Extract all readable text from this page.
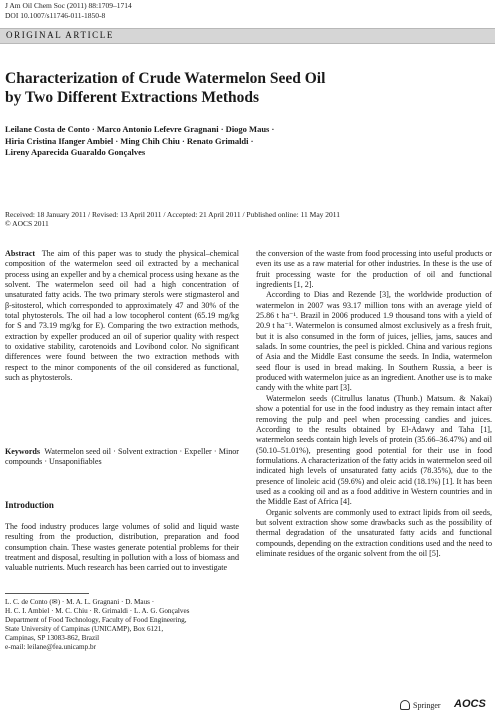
J Am Oil Chem Soc (2011) 88:1709–1714
DOI 10.1007/s11746-011-1850-8
ORIGINAL ARTICLE
Characterization of Crude Watermelon Seed Oil
by Two Different Extractions Methods
Leilane Costa de Conto · Marco Antonio Lefevre Gragnani · Diogo Maus ·
Hiria Cristina Ifanger Ambiel · Ming Chih Chiu · Renato Grimaldi ·
Lireny Aparecida Guaraldo Gonçalves
Received: 18 January 2011 / Revised: 13 April 2011 / Accepted: 21 April 2011 / Published online: 11 May 2011
© AOCS 2011

Abstract The aim of this paper was to study the physical–chemical composition of the watermelon seed oil extracted by a mechanical process using an expeller and by a chemical process using hexane as the solvent. The watermelon seed oil had a high concentration of unsaturated fatty acids. The two primary sterols were stigmasterol and β-sitosterol, which corresponded to approximately 47 and 30% of the total phytosterols. The oil had a low tocopherol content (65.19 mg/kg for S and 73.19 mg/kg for E). Comparing the two extraction methods, extraction by expeller produced an oil of superior quality with respect to oxidative stability, carotenoids and Lovibond color. No significant differences were found between the two extraction methods with respect to the minor components of the oil considered as functional, such as phytosterols.

Keywords Watermelon seed oil · Solvent extraction · Expeller · Minor compounds · Unsaponifiables

Introduction

The food industry produces large volumes of solid and liquid waste resulting from the production, distribution, preparation and food consumption chain. These wastes generate potential problems for their treatment and disposal, resulting in pollution with a loss of biomass and valuable nutrients. Much research has been carried out to investigate

L. C. de Conto (✉) · M. A. L. Gragnani · D. Maus ·
H. C. I. Ambiel · M. C. Chiu · R. Grimaldi · L. A. G. Gonçalves
Department of Food Technology, Faculty of Food Engineering,
State University of Campinas (UNICAMP), Box 6121,
Campinas, SP 13083-862, Brazil
e-mail: leilane@fea.unicamp.br

the conversion of the waste from food processing into useful products or even its use as a raw material for other industries. In these is the use of fruit processing waste for the production of oil and functional ingredients [1, 2].

According to Dias and Rezende [3], the worldwide production of watermelon in 2007 was 93.17 million tons with an average yield of 25.86 t ha⁻¹. Brazil in 2006 produced 1.9 thousand tons with a yield of 20.9 t ha⁻¹. Watermelon is consumed almost exclusively as a fresh fruit, but it is also consumed in the form of juices, jellies, jams, sauces and salads. In some countries, the peel is pickled. China and various regions of Asia and the Middle East consume the seeds. In India, watermelon seed flour is used in bread making. In Southern Russia, a beer is produced with watermelon juice as an ingredient. Another use is to make candy with the white part [3].

Watermelon seeds (Citrullus lanatus (Thunb.) Matsum. & Nakai) show a potential for use in the food industry as they remain intact after removing the pulp and peel when processing candies and juices. According to the results obtained by El-Adawy and Taha [1], watermelon seeds contain high levels of protein (35.66–36.47%) and oil (50.10–51.01%), presenting good potential for their use in food formulations. A characterization of the fatty acids in watermelon seed oil indicated high levels of unsaturated fatty acids (78.35%), due to the presence of linoleic acid (59.6%) and oleic acid (18.1%) [1]. It has been used as a cooking oil and as a food additive in Western countries and in the Middle East of Africa [4].

Organic solvents are commonly used to extract lipids from oil seeds, but solvent extraction show some drawbacks such as the possibility of thermal degradation of the unsaturated fatty acids and functional compounds, depending on the extraction conditions used and the need to eliminate residues of the organic solvent from the oil [5].

Springer AOCS
